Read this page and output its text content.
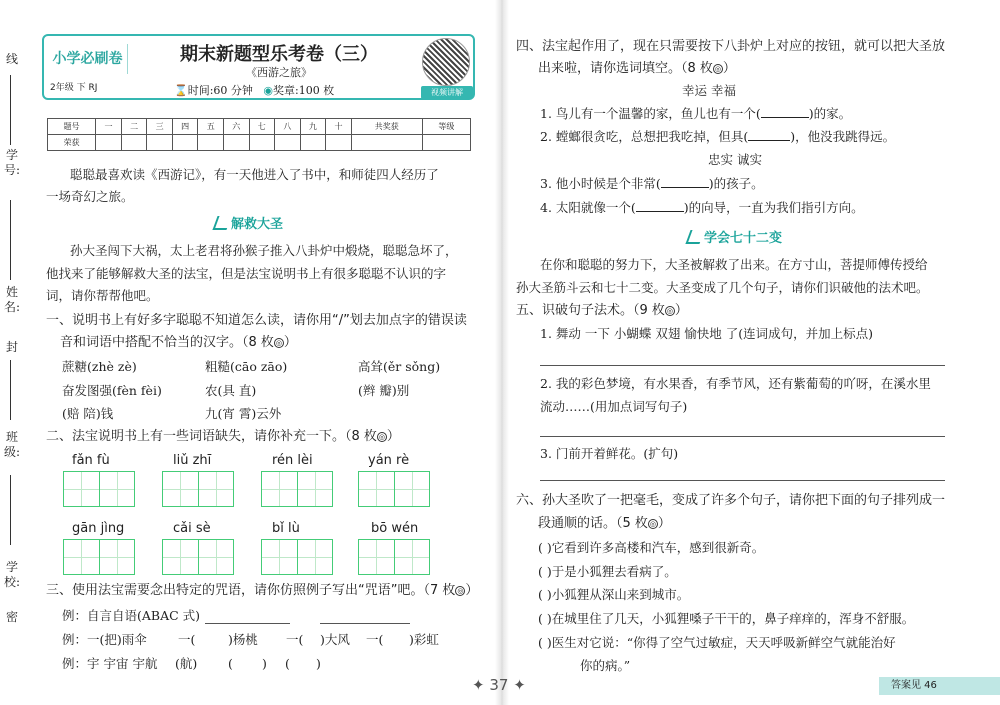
线
学号:
姓名:
封
班级:
学校:
密
小学必刷卷
2年级 下 RJ
期末新题型乐考卷（三）
《西游之旅》
⌛时间:60 分钟 ◉奖章:100 枚	视频讲解
题号	一	二	三	四	五	六	七	八	九	十	共奖获	等级
荣获												
聪聪最喜欢读《西游记》，有一天他进入了书中，和师徒四人经历了
一场奇幻之旅。
解救大圣
孙大圣闯下大祸，太上老君将孙猴子推入八卦炉中煅烧，聪聪急坏了，
他找来了能够解救大圣的法宝，但是法宝说明书上有很多聪聪不认识的字
词，请你帮帮他吧。
一、说明书上有好多字聪聪不知道怎么读，请你用“/”划去加点字的错误读
音和词语中搭配不恰当的汉字。（8 枚 ◎ ）
蔗糖(zhè zè)	粗糙(cāo zāo)	高耸(ěr sǒng)
奋发图强(fèn fèi)	农(具 直)	(辫 瓣)别
(赔 陪)钱	九(宵 霄)云外
二、法宝说明书上有一些词语缺失，请你补充一下。（8 枚 ◎ ）
fǎn fù	liǔ zhī	rén lèi	yán rè
gān jìng	cǎi sè	bǐ lù	bō wén
三、使用法宝需要念出特定的咒语，请你仿照例子写出“咒语”吧。（7 枚 ◎ ）
例：自言自语(ABAC 式)
例：一(把)雨伞 一(	)杨桃 一( )大风 一( )彩虹
例：宇 宇宙 宇航 (航) ( ) ( )
四、法宝起作用了，现在只需要按下八卦炉上对应的按钮，就可以把大圣放
出来啦，请你选词填空。（8 枚 ◎ ）
幸运 幸福
1. 鸟儿有一个温馨的家，鱼儿也有一个(	)的家。
2. 螳螂很贪吃，总想把我吃掉，但具(	)，他没我跳得远。
忠实 诚实
3. 他小时候是个非常(	)的孩子。
4. 太阳就像一个(	)的向导，一直为我们指引方向。
学会七十二变
在你和聪聪的努力下，大圣被解救了出来。在方寸山，菩提师傅传授给
孙大圣筋斗云和七十二变。大圣变成了几个句子，请你们识破他的法术吧。
五、识破句子法术。（9 枚 ◎ ）
1. 舞动 一下 小蝴蝶 双翅 愉快地 了(连词成句，并加上标点)
2. 我的彩色梦境，有水果香，有季节风，还有紫葡萄的吖呀，在溪水里
流动……(用加点词写句子)
3. 门前开着鲜花。(扩句)
六、孙大圣吹了一把毫毛，变成了许多个句子，请你把下面的句子排列成一
段通顺的话。（5 枚 ◎ ）
( )它看到许多高楼和汽车，感到很新奇。
( )于是小狐狸去看病了。
( )小狐狸从深山来到城市。
( )在城里住了几天，小狐狸嗓子干干的，鼻子痒痒的，浑身不舒服。
( )医生对它说：“你得了空气过敏症，天天呼吸新鲜空气就能治好
你的病。”
✦ 37 ✦	答案见 46
